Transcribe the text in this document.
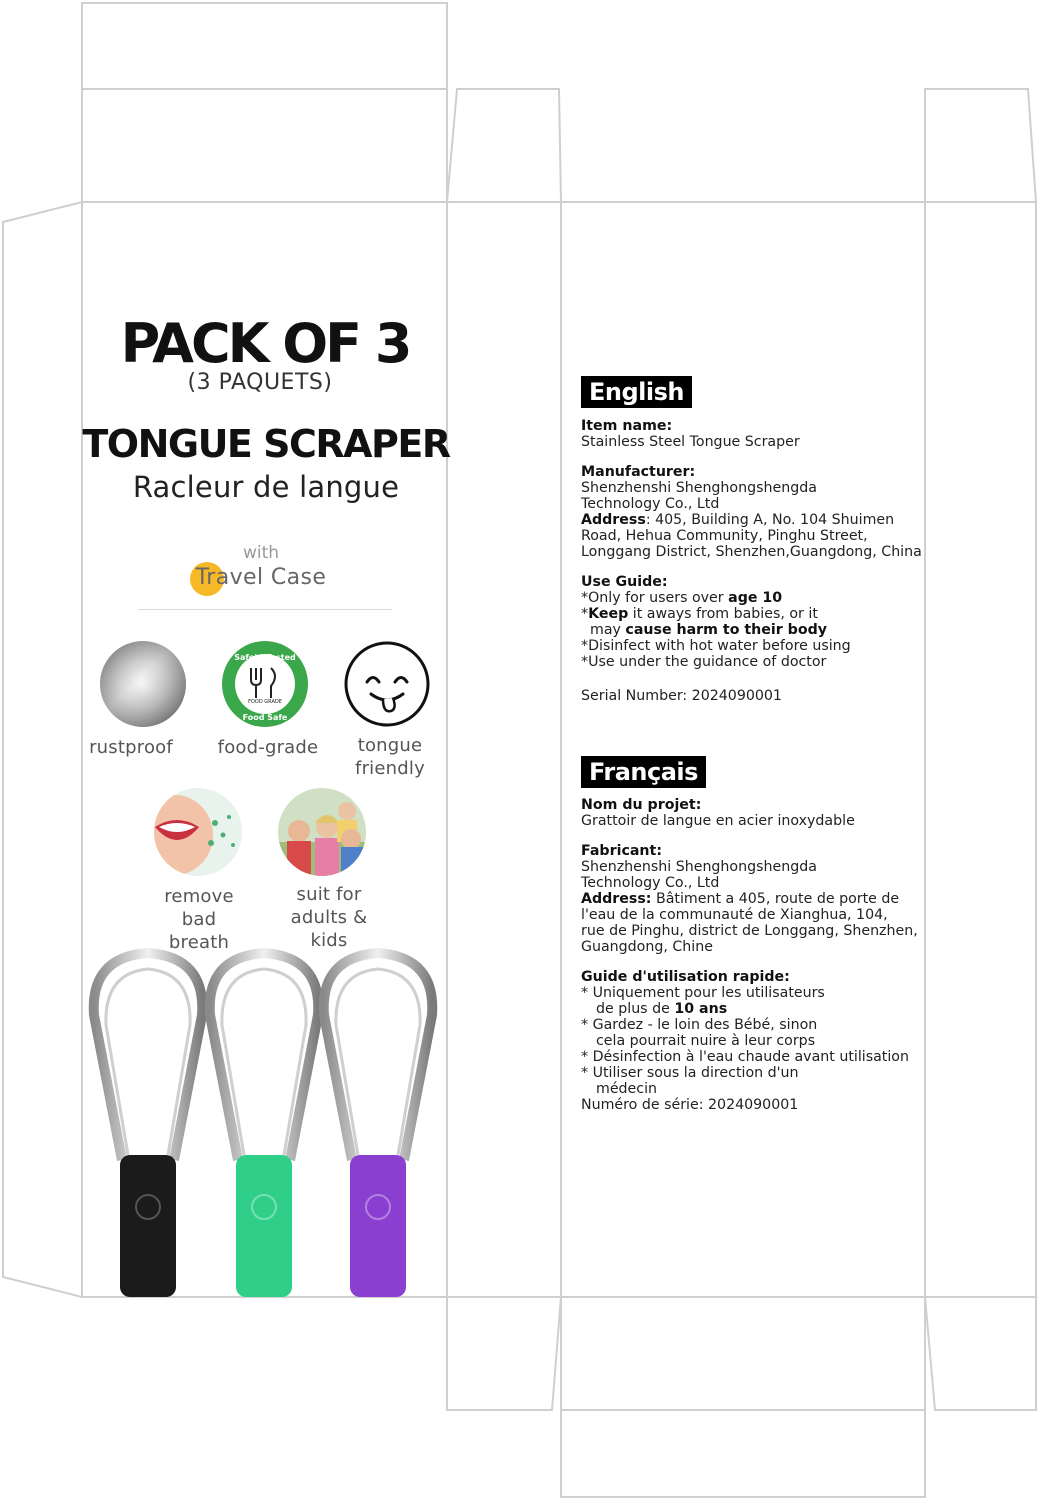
PACK OF 3
(3 PAQUETS)
TONGUE SCRAPER
Racleur de langue
with
Travel Case
rustproof
Safety Tested
FOOD GRADE
Food Safe
food-grade	tongue
friendly
remove
bad breath
suit for
adults & kids
English
Item name:
Stainless Steel Tongue Scraper
Manufacturer:
Shenzhenshi Shenghongshengda
Technology Co., Ltd
Address: 405, Building A, No. 104 Shuimen
Road, Hehua Community, Pinghu Street,
Longgang District, Shenzhen,Guangdong, China
Use Guide:
*Only for users over age 10
*Keep it aways from babies, or it
may cause harm to their body
*Disinfect with hot water before using
*Use under the guidance of doctor
Serial Number: 2024090001
Français
Nom du projet:
Grattoir de langue en acier inoxydable
Fabricant:
Shenzhenshi Shenghongshengda
Technology Co., Ltd
Address: Bâtiment a 405, route de porte de
l'eau de la communauté de Xianghua, 104,
rue de Pinghu, district de Longgang, Shenzhen,
Guangdong, Chine
Guide d'utilisation rapide:
* Uniquement pour les utilisateurs
de plus de 10 ans
* Gardez - le loin des Bébé, sinon
cela pourrait nuire à leur corps
* Désinfection à l'eau chaude avant utilisation
* Utiliser sous la direction d'un
médecin
Numéro de série: 2024090001
